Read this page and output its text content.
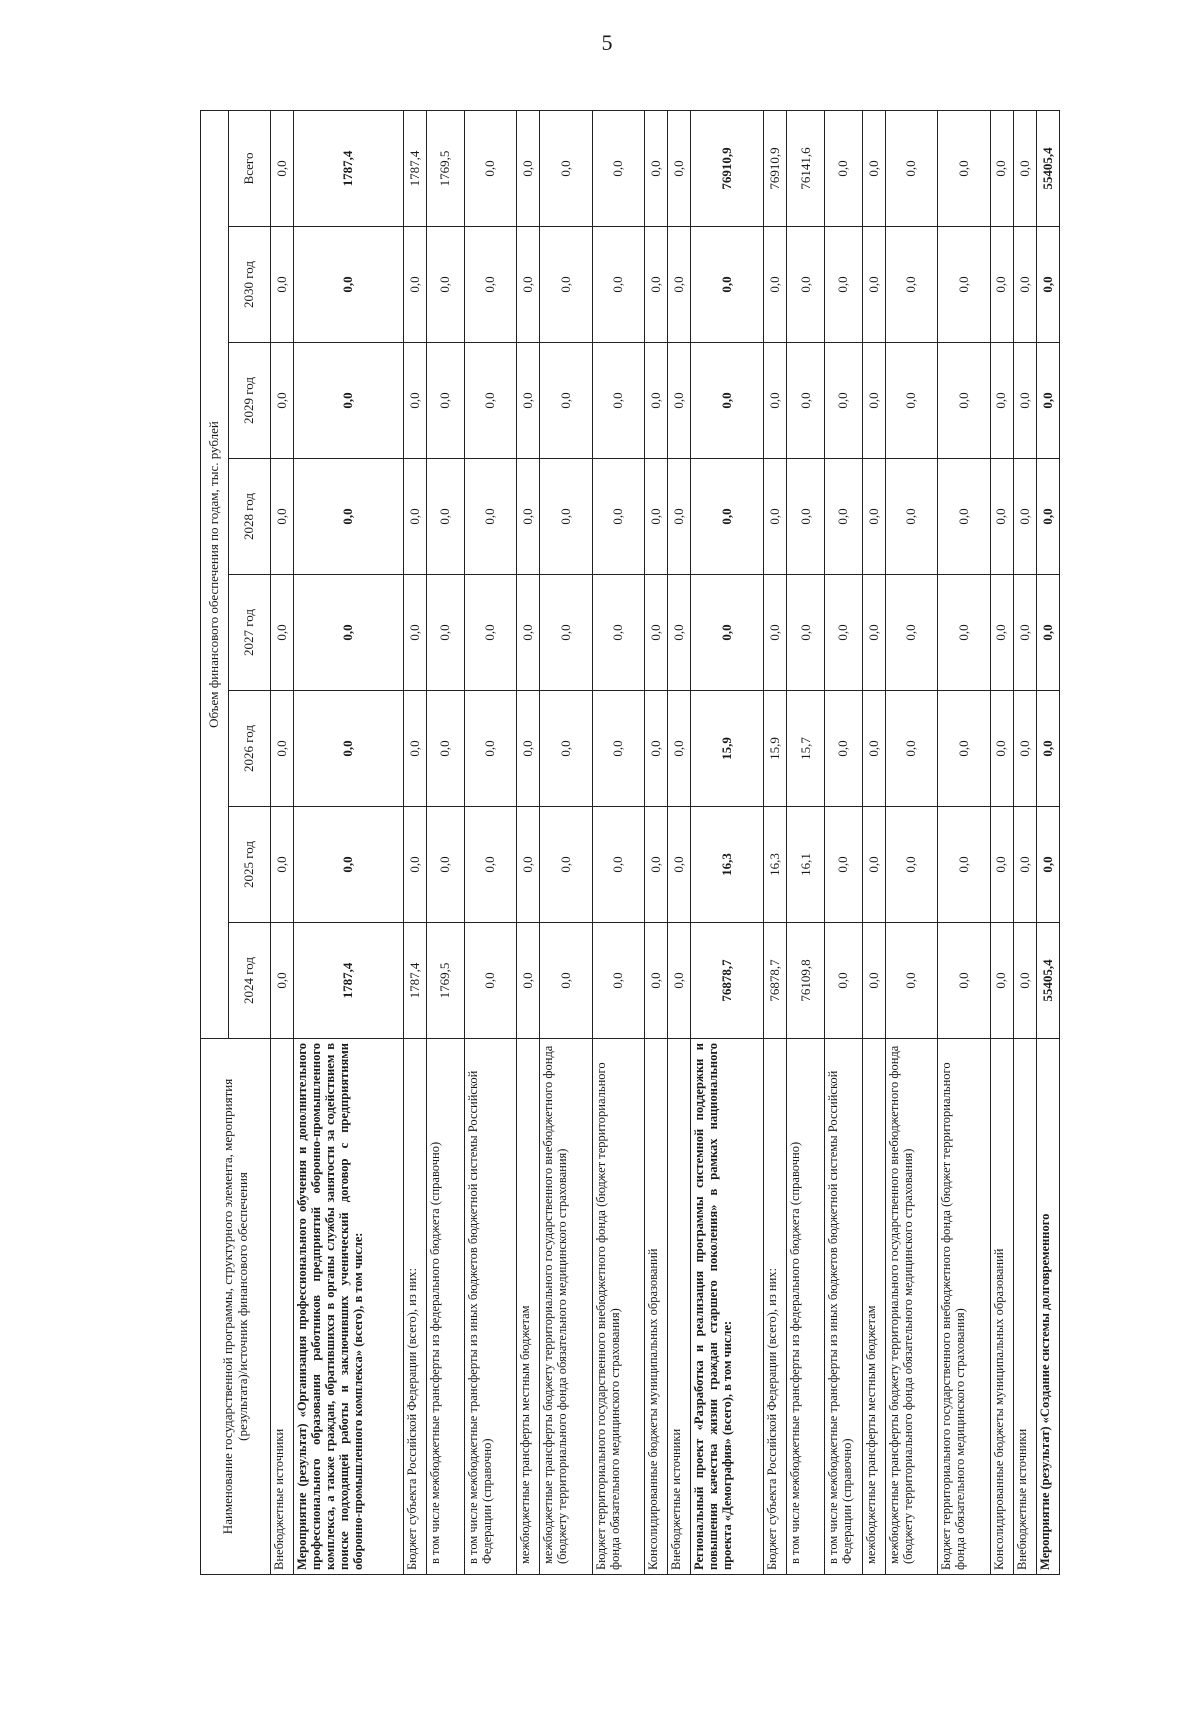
5
Наименование государственной программы, структурного элемента, мероприятия (результата)/источник финансового обеспечения	Объем финансового обеспечения по годам, тыс. рублей							
	2024 год	2025 год	2026 год	2027 год	2028 год	2029 год	2030 год	Всего
Внебюджетные источники	0,0	0,0	0,0	0,0	0,0	0,0	0,0	0,0
Мероприятие (результат) «Организация профессионального обучения и дополнительного профессионального образования работников предприятий оборонно-промышленного комплекса, а также граждан, обратившихся в органы службы занятости за содействием в поиске подходящей работы и заключивших ученический договор с предприятиями оборонно-промышленного комплекса» (всего), в том числе:	1787,4	0,0	0,0	0,0	0,0	0,0	0,0	1787,4
Бюджет субъекта Российской Федерации (всего), из них:	1787,4	0,0	0,0	0,0	0,0	0,0	0,0	1787,4
в том числе межбюджетные трансферты из федерального бюджета (справочно)	1769,5	0,0	0,0	0,0	0,0	0,0	0,0	1769,5
в том числе межбюджетные трансферты из иных бюджетов бюджетной системы Российской Федерации (справочно)	0,0	0,0	0,0	0,0	0,0	0,0	0,0	0,0
межбюджетные трансферты местным бюджетам	0,0	0,0	0,0	0,0	0,0	0,0	0,0	0,0
межбюджетные трансферты бюджету территориального государственного внебюджетного фонда (бюджету территориального фонда обязательного медицинского страхования)	0,0	0,0	0,0	0,0	0,0	0,0	0,0	0,0
Бюджет территориального государственного внебюджетного фонда (бюджет территориального фонда обязательного медицинского страхования)	0,0	0,0	0,0	0,0	0,0	0,0	0,0	0,0
Консолидированные бюджеты муниципальных образований	0,0	0,0	0,0	0,0	0,0	0,0	0,0	0,0
Внебюджетные источники	0,0	0,0	0,0	0,0	0,0	0,0	0,0	0,0
Региональный проект «Разработка и реализация программы системной поддержки и повышения качества жизни граждан старшего поколения» в рамках национального проекта «Демография» (всего), в том числе:	76878,7	16,3	15,9	0,0	0,0	0,0	0,0	76910,9
Бюджет субъекта Российской Федерации (всего), из них:	76878,7	16,3	15,9	0,0	0,0	0,0	0,0	76910,9
в том числе межбюджетные трансферты из федерального бюджета (справочно)	76109,8	16,1	15,7	0,0	0,0	0,0	0,0	76141,6
в том числе межбюджетные трансферты из иных бюджетов бюджетной системы Российской Федерации (справочно)	0,0	0,0	0,0	0,0	0,0	0,0	0,0	0,0
межбюджетные трансферты местным бюджетам	0,0	0,0	0,0	0,0	0,0	0,0	0,0	0,0
межбюджетные трансферты бюджету территориального государственного внебюджетного фонда (бюджету территориального фонда обязательного медицинского страхования)	0,0	0,0	0,0	0,0	0,0	0,0	0,0	0,0
Бюджет территориального государственного внебюджетного фонда (бюджет территориального фонда обязательного медицинского страхования)	0,0	0,0	0,0	0,0	0,0	0,0	0,0	0,0
Консолидированные бюджеты муниципальных образований	0,0	0,0	0,0	0,0	0,0	0,0	0,0	0,0
Внебюджетные источники	0,0	0,0	0,0	0,0	0,0	0,0	0,0	0,0
Мероприятие (результат) «Создание системы долговременного	55405,4	0,0	0,0	0,0	0,0	0,0	0,0	55405,4
